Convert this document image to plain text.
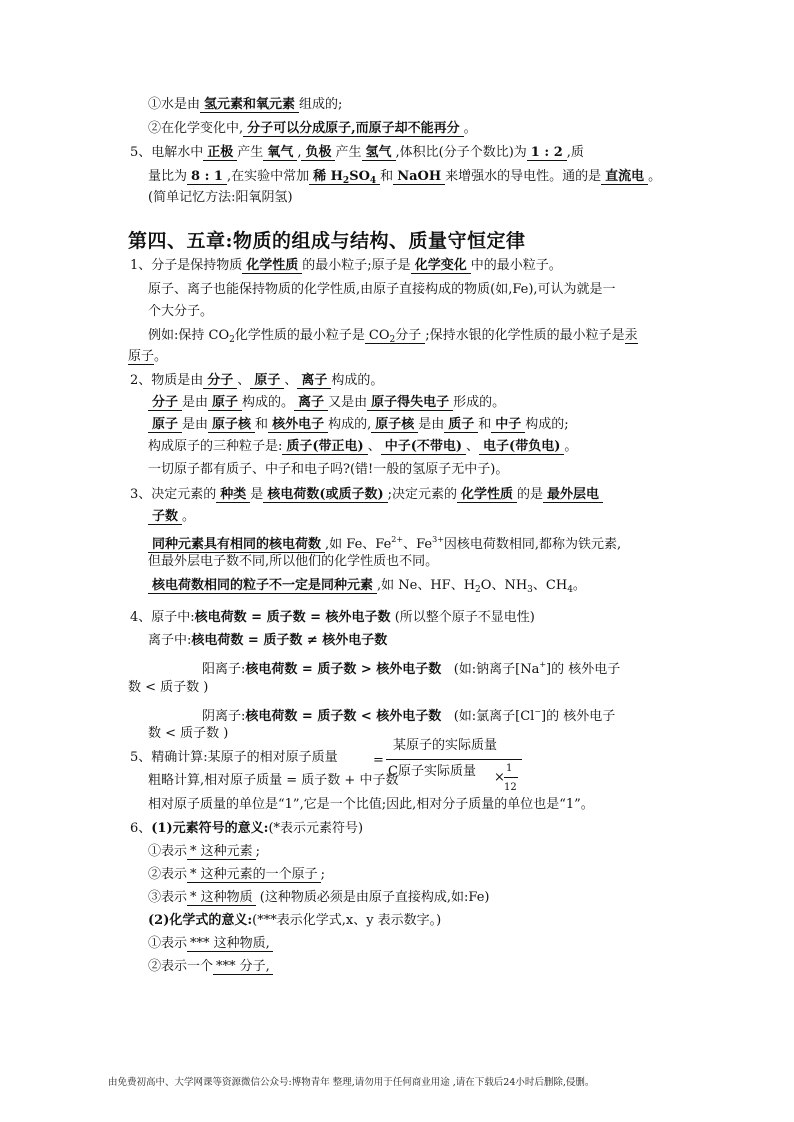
①水是由 氢元素和氧元素 组成的;
②在化学变化中, 分子可以分成原子,而原子却不能再分 。
5、电解水中 正极 产生 氧气 , 负极 产生 氢气 ,体积比(分子个数比)为 1 : 2 ,质
量比为 8 : 1 ,在实验中常加 稀 $H_2SO_4$ 和 NaOH 来增强水的导电性。通的是 直流电 。
(简单记忆方法:阳氧阴氢)
第四、五章:物质的组成与结构、质量守恒定律
1、分子是保持物质 化学性质 的最小粒子;原子是 化学变化 中的最小粒子。
原子、离子也能保持物质的化学性质,由原子直接构成的物质(如,Fe),可认为就是一
个大分子。
例如:保持 $CO_2$化学性质的最小粒子是 $CO_2$分子 ;保持水银的化学性质的最小粒子是汞
原子。
2、物质是由 分子 、 原子 、 离子 构成的。
分子 是由 原子 构成的。 离子 又是由 原子得失电子 形成的。
原子 是由 原子核 和 核外电子 构成的, 原子核 是由 质子 和 中子 构成的;
构成原子的三种粒子是: 质子(带正电) 、 中子(不带电) 、 电子(带负电) 。
一切原子都有质子、中子和电子吗?(错!一般的氢原子无中子)。
3、决定元素的 种类 是 核电荷数(或质子数) ;决定元素的 化学性质 的是 最外层电
子数 。
同种元素具有相同的核电荷数 ,如 Fe、$Fe^{2+}$、$Fe^{3+}$因核电荷数相同,都称为铁元素,
但最外层电子数不同,所以他们的化学性质也不同。
核电荷数相同的粒子不一定是同种元素 ,如 Ne、HF、$H_2O$、$NH_3$、$CH_4$。
4、原子中:核电荷数 = 质子数 = 核外电子数 (所以整个原子不显电性)
离子中:核电荷数 = 质子数 ≠ 核外电子数
阳离子:核电荷数 = 质子数 > 核外电子数 (如:钠离子[Na+]的 核外电子
数 < 质子数 )
阴离子:核电荷数 = 质子数 < 核外电子数 (如:氯离子[Cl−]的 核外电子
数 < 质子数 )
5、精确计算:某原子的相对原子质量	=
某原子的实际质量
C原子实际质量 ×
1
12
粗略计算,相对原子质量 = 质子数 + 中子数
相对原子质量的单位是“1”,它是一个比值;因此,相对分子质量的单位也是“1”。
6、(1)元素符号的意义:(*表示元素符号)
①表示 * 这种元素 ;
②表示 * 这种元素的一个原子 ;
③表示 * 这种物质 (这种物质必须是由原子直接构成,如:Fe)
(2)化学式的意义:(***表示化学式,x、y 表示数字。)
①表示 *** 这种物质,
②表示一个 *** 分子,
由免费初高中、大学网课等资源微信公众号:博物青年 整理,请勿用于任何商业用途 ,请在下载后24小时后删除,侵删。
